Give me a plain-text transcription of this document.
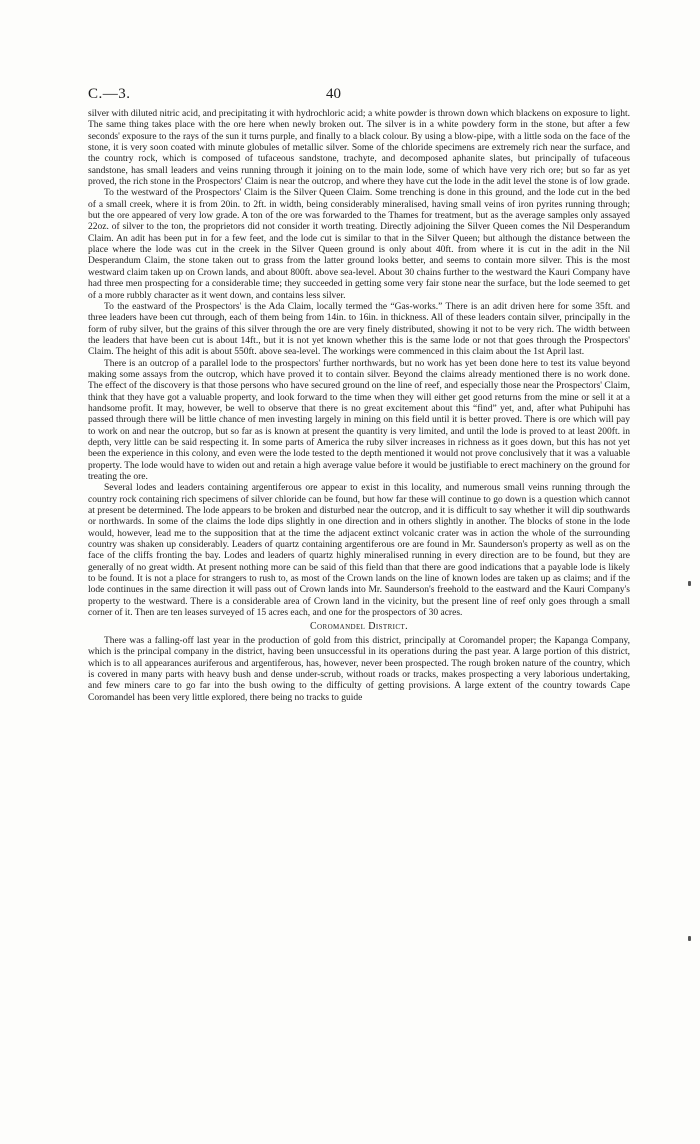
C.—3.	40

silver with diluted nitric acid, and precipitating it with hydrochloric acid; a white powder is thrown down which blackens on exposure to light. The same thing takes place with the ore here when newly broken out. The silver is in a white powdery form in the stone, but after a few seconds' exposure to the rays of the sun it turns purple, and finally to a black colour. By using a blow-pipe, with a little soda on the face of the stone, it is very soon coated with minute globules of metallic silver. Some of the chloride specimens are extremely rich near the surface, and the country rock, which is composed of tufaceous sandstone, trachyte, and decomposed aphanite slates, but principally of tufaceous sandstone, has small leaders and veins running through it joining on to the main lode, some of which have very rich ore; but so far as yet proved, the rich stone in the Prospectors' Claim is near the outcrop, and where they have cut the lode in the adit level the stone is of low grade.

To the westward of the Prospectors' Claim is the Silver Queen Claim. Some trenching is done in this ground, and the lode cut in the bed of a small creek, where it is from 20in. to 2ft. in width, being considerably mineralised, having small veins of iron pyrites running through; but the ore appeared of very low grade. A ton of the ore was forwarded to the Thames for treatment, but as the average samples only assayed 22oz. of silver to the ton, the proprietors did not consider it worth treating. Directly adjoining the Silver Queen comes the Nil Desperandum Claim. An adit has been put in for a few feet, and the lode cut is similar to that in the Silver Queen; but although the distance between the place where the lode was cut in the creek in the Silver Queen ground is only about 40ft. from where it is cut in the adit in the Nil Desperandum Claim, the stone taken out to grass from the latter ground looks better, and seems to contain more silver. This is the most westward claim taken up on Crown lands, and about 800ft. above sea-level. About 30 chains further to the westward the Kauri Company have had three men prospecting for a considerable time; they succeeded in getting some very fair stone near the surface, but the lode seemed to get of a more rubbly character as it went down, and contains less silver.

To the eastward of the Prospectors' is the Ada Claim, locally termed the “Gas-works.” There is an adit driven here for some 35ft. and three leaders have been cut through, each of them being from 14in. to 16in. in thickness. All of these leaders contain silver, principally in the form of ruby silver, but the grains of this silver through the ore are very finely distributed, showing it not to be very rich. The width between the leaders that have been cut is about 14ft., but it is not yet known whether this is the same lode or not that goes through the Prospectors' Claim. The height of this adit is about 550ft. above sea-level. The workings were commenced in this claim about the 1st April last.

There is an outcrop of a parallel lode to the prospectors' further northwards, but no work has yet been done here to test its value beyond making some assays from the outcrop, which have proved it to contain silver. Beyond the claims already mentioned there is no work done. The effect of the discovery is that those persons who have secured ground on the line of reef, and especially those near the Prospectors' Claim, think that they have got a valuable property, and look forward to the time when they will either get good returns from the mine or sell it at a handsome profit. It may, however, be well to observe that there is no great excitement about this “find” yet, and, after what Puhipuhi has passed through there will be little chance of men investing largely in mining on this field until it is better proved. There is ore which will pay to work on and near the outcrop, but so far as is known at present the quantity is very limited, and until the lode is proved to at least 200ft. in depth, very little can be said respecting it. In some parts of America the ruby silver increases in richness as it goes down, but this has not yet been the experience in this colony, and even were the lode tested to the depth mentioned it would not prove conclusively that it was a valuable property. The lode would have to widen out and retain a high average value before it would be justifiable to erect machinery on the ground for treating the ore.

Several lodes and leaders containing argentiferous ore appear to exist in this locality, and numerous small veins running through the country rock containing rich specimens of silver chloride can be found, but how far these will continue to go down is a question which cannot at present be determined. The lode appears to be broken and disturbed near the outcrop, and it is difficult to say whether it will dip southwards or northwards. In some of the claims the lode dips slightly in one direction and in others slightly in another. The blocks of stone in the lode would, however, lead me to the supposition that at the time the adjacent extinct volcanic crater was in action the whole of the surrounding country was shaken up considerably. Leaders of quartz containing argentiferous ore are found in Mr. Saunderson's property as well as on the face of the cliffs fronting the bay. Lodes and leaders of quartz highly mineralised running in every direction are to be found, but they are generally of no great width. At present nothing more can be said of this field than that there are good indications that a payable lode is likely to be found. It is not a place for strangers to rush to, as most of the Crown lands on the line of known lodes are taken up as claims; and if the lode continues in the same direction it will pass out of Crown lands into Mr. Saunderson's freehold to the eastward and the Kauri Company's property to the westward. There is a considerable area of Crown land in the vicinity, but the present line of reef only goes through a small corner of it. Then are ten leases surveyed of 15 acres each, and one for the prospectors of 30 acres.

Coromandel District.

There was a falling-off last year in the production of gold from this district, principally at Coromandel proper; the Kapanga Company, which is the principal company in the district, having been unsuccessful in its operations during the past year. A large portion of this district, which is to all appearances auriferous and argentiferous, has, however, never been prospected. The rough broken nature of the country, which is covered in many parts with heavy bush and dense under-scrub, without roads or tracks, makes prospecting a very laborious undertaking, and few miners care to go far into the bush owing to the difficulty of getting provisions. A large extent of the country towards Cape Coromandel has been very little explored, there being no tracks to guide
